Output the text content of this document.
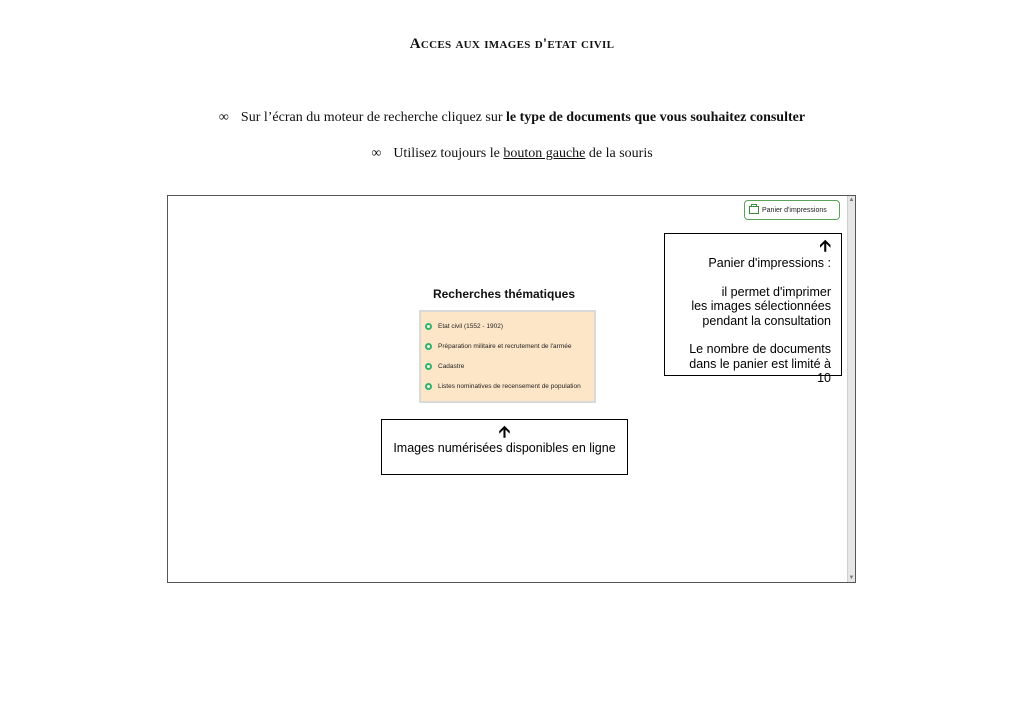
Acces aux images d'etat civil
∞ Sur l’écran du moteur de recherche cliquez sur le type de documents que vous souhaitez consulter
∞ Utilisez toujours le bouton gauche de la souris
▲
▼
Panier d'impressions
🡩
Panier d'impressions :
il permet d'imprimer
les images sélectionnées
pendant la consultation
Le nombre de documents
dans le panier est limité à 10
Recherches thématiques
Etat civil (1552 - 1902)
Préparation militaire et recrutement de l'armée
Cadastre
Listes nominatives de recensement de population
🡩
Images numérisées disponibles en ligne
